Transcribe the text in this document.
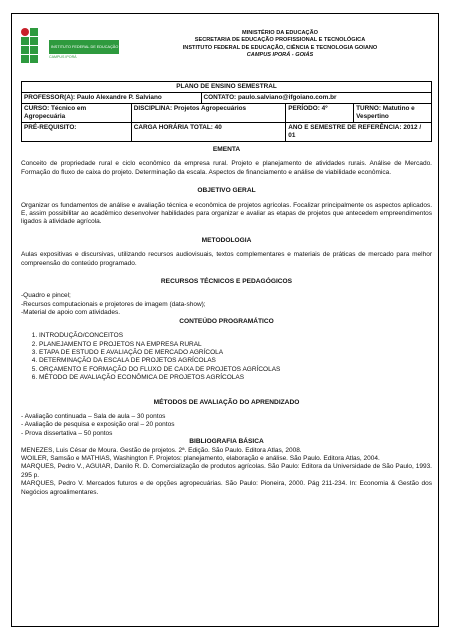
INSTITUTO FEDERAL DE EDUCAÇÃO
CAMPUS IPORÁ
MINISTÉRIO DA EDUCAÇÃO
SECRETARIA DE EDUCAÇÃO PROFISSIONAL E TECNOLÓGICA
INSTITUTO FEDERAL DE EDUCAÇÃO, CIÊNCIA E TECNOLOGIA GOIANO
CAMPUS IPORÁ - GOIÁS
PLANO DE ENSINO SEMESTRAL				
PROFESSOR(A): Paulo Alexandre P. Salviano		CONTATO: paulo.salviano@ifgoiano.com.br		
CURSO: Técnico em Agropecuária	DISCIPLINA: Projetos Agropecuários		PERÍODO: 4º	TURNO: Matutino e Vespertino
PRÉ-REQUISITO:	CARGA HORÁRIA TOTAL: 40		ANO E SEMESTRE DE REFERÊNCIA: 2012 / 01	
EMENTA

Conceito de propriedade rural e ciclo econômico da empresa rural. Projeto e planejamento de atividades rurais. Análise de Mercado. Formação do fluxo de caixa do projeto. Determinação da escala. Aspectos de financiamento e análise de viabilidade econômica.

OBJETIVO GERAL

Organizar os fundamentos de análise e avaliação técnica e econômica de projetos agrícolas. Focalizar principalmente os aspectos aplicados. E, assim possibilitar ao acadêmico desenvolver habilidades para organizar e avaliar as etapas de projetos que antecedem empreendimentos ligados à atividade agrícola.

METODOLOGIA

Aulas expositivas e discursivas, utilizando recursos audiovisuais, textos complementares e materiais de práticas de mercado para melhor compreensão do conteúdo programado.

RECURSOS TÉCNICOS E PEDAGÓGICOS
-Quadro e pincel;
-Recursos computacionais e projetores de imagem (data-show);
-Material de apoio com atividades.
CONTEÚDO PROGRAMÁTICO
1. INTRODUÇÃO/CONCEITOS
2. PLANEJAMENTO E PROJETOS NA EMPRESA RURAL
3. ETAPA DE ESTUDO E AVALIAÇÃO DE MERCADO AGRÍCOLA
4. DETERMINAÇÃO DA ESCALA DE PROJETOS AGRÍCOLAS
5. ORÇAMENTO E FORMAÇÃO DO FLUXO DE CAIXA DE PROJETOS AGRÍCOLAS
6. MÉTODO DE AVALIAÇÃO ECONÔMICA DE PROJETOS AGRÍCOLAS
MÉTODOS DE AVALIAÇÃO DO APRENDIZADO
- Avaliação continuada – Sala de aula – 30 pontos
- Avaliação de pesquisa e exposição oral – 20 pontos
- Prova dissertativa – 50 pontos
BIBLIOGRAFIA BÁSICA

MENEZES, Luis César de Moura. Gestão de projetos. 2ª. Edição. São Paulo. Editora Atlas, 2008.

WOILER, Samsão e MATHIAS, Washington F. Projetos: planejamento, elaboração e análise. São Paulo. Editora Atlas, 2004.

MARQUES, Pedro V., AGUIAR, Danilo R. D. Comercialização de produtos agrícolas. São Paulo: Editora da Universidade de São Paulo, 1993. 295 p.

MARQUES, Pedro V. Mercados futuros e de opções agropecuárias. São Paulo: Pioneira, 2000. Pág 211-234. In: Economia & Gestão dos Negócios agroalimentares.
